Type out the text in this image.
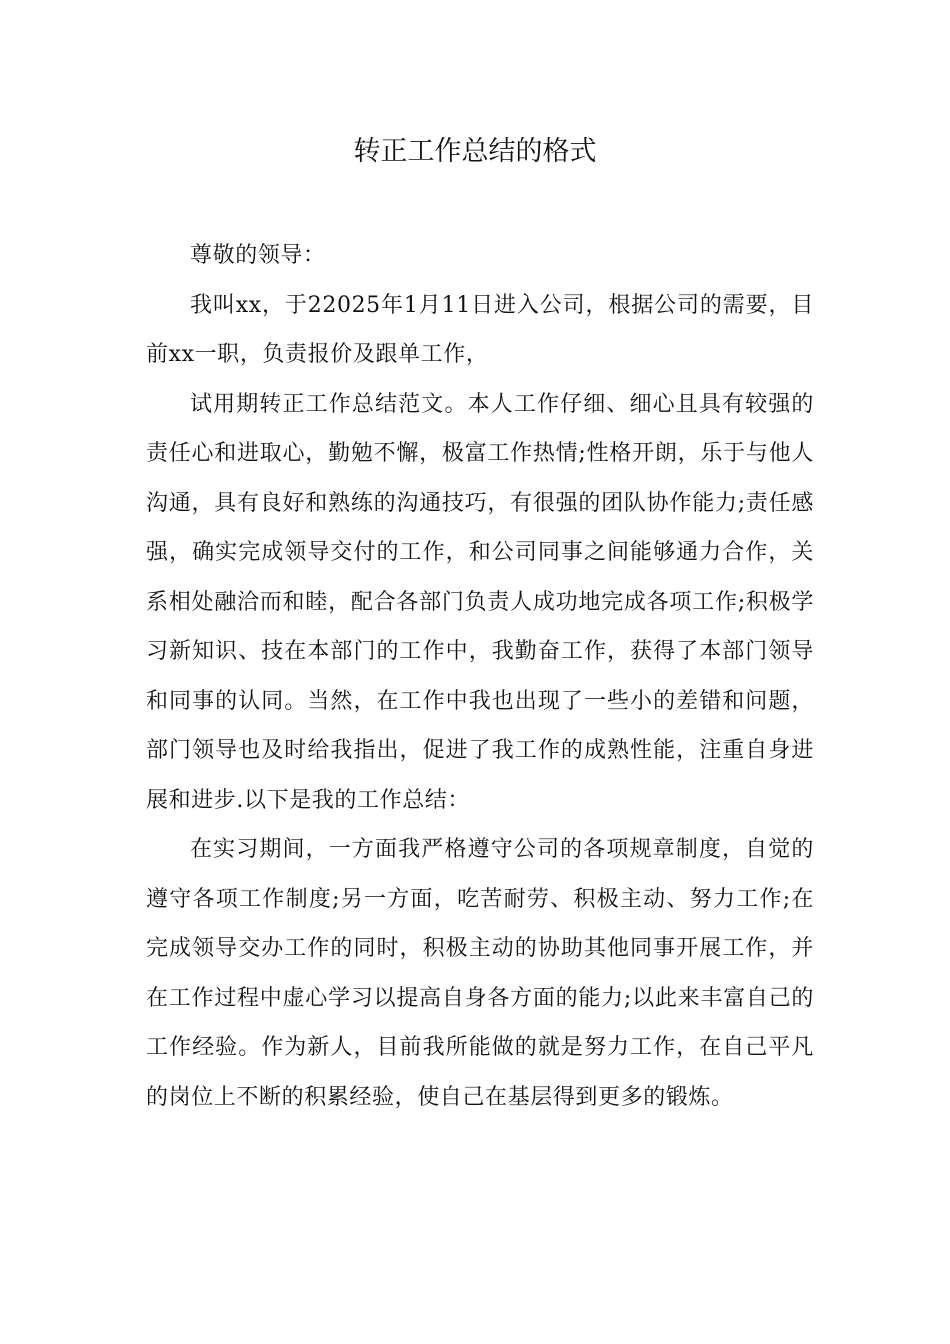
转正工作总结的格式

尊敬的领导：

我叫xx，于22025年1月11日进入公司，根据公司的需要，目前xx一职，负责报价及跟单工作，

试用期转正工作总结范文。本人工作仔细、细心且具有较强的责任心和进取心，勤勉不懈，极富工作热情;性格开朗，乐于与他人沟通，具有良好和熟练的沟通技巧，有很强的团队协作能力;责任感强，确实完成领导交付的工作，和公司同事之间能够通力合作，关系相处融洽而和睦，配合各部门负责人成功地完成各项工作;积极学习新知识、技在本部门的工作中，我勤奋工作，获得了本部门领导和同事的认同。当然，在工作中我也出现了一些小的差错和问题，部门领导也及时给我指出，促进了我工作的成熟性能，注重自身进展和进步.以下是我的工作总结：

在实习期间，一方面我严格遵守公司的各项规章制度，自觉的遵守各项工作制度;另一方面，吃苦耐劳、积极主动、努力工作;在完成领导交办工作的同时，积极主动的协助其他同事开展工作，并在工作过程中虚心学习以提高自身各方面的能力;以此来丰富自己的工作经验。作为新人，目前我所能做的就是努力工作，在自己平凡的岗位上不断的积累经验，使自己在基层得到更多的锻炼。
